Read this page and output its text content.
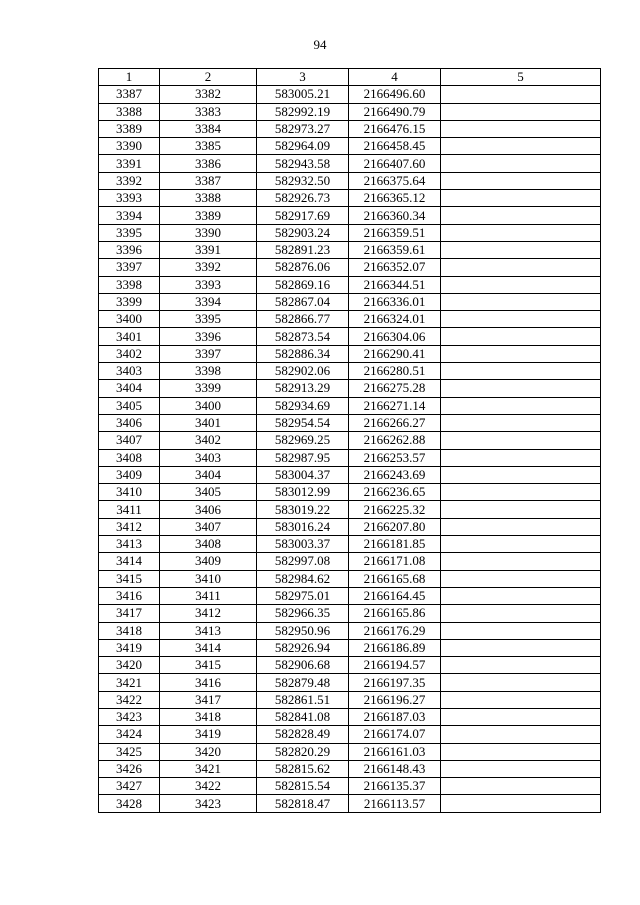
94
1	2	3	4	5
3387	3382	583005.21	2166496.60	
3388	3383	582992.19	2166490.79	
3389	3384	582973.27	2166476.15	
3390	3385	582964.09	2166458.45	
3391	3386	582943.58	2166407.60	
3392	3387	582932.50	2166375.64	
3393	3388	582926.73	2166365.12	
3394	3389	582917.69	2166360.34	
3395	3390	582903.24	2166359.51	
3396	3391	582891.23	2166359.61	
3397	3392	582876.06	2166352.07	
3398	3393	582869.16	2166344.51	
3399	3394	582867.04	2166336.01	
3400	3395	582866.77	2166324.01	
3401	3396	582873.54	2166304.06	
3402	3397	582886.34	2166290.41	
3403	3398	582902.06	2166280.51	
3404	3399	582913.29	2166275.28	
3405	3400	582934.69	2166271.14	
3406	3401	582954.54	2166266.27	
3407	3402	582969.25	2166262.88	
3408	3403	582987.95	2166253.57	
3409	3404	583004.37	2166243.69	
3410	3405	583012.99	2166236.65	
3411	3406	583019.22	2166225.32	
3412	3407	583016.24	2166207.80	
3413	3408	583003.37	2166181.85	
3414	3409	582997.08	2166171.08	
3415	3410	582984.62	2166165.68	
3416	3411	582975.01	2166164.45	
3417	3412	582966.35	2166165.86	
3418	3413	582950.96	2166176.29	
3419	3414	582926.94	2166186.89	
3420	3415	582906.68	2166194.57	
3421	3416	582879.48	2166197.35	
3422	3417	582861.51	2166196.27	
3423	3418	582841.08	2166187.03	
3424	3419	582828.49	2166174.07	
3425	3420	582820.29	2166161.03	
3426	3421	582815.62	2166148.43	
3427	3422	582815.54	2166135.37	
3428	3423	582818.47	2166113.57	
